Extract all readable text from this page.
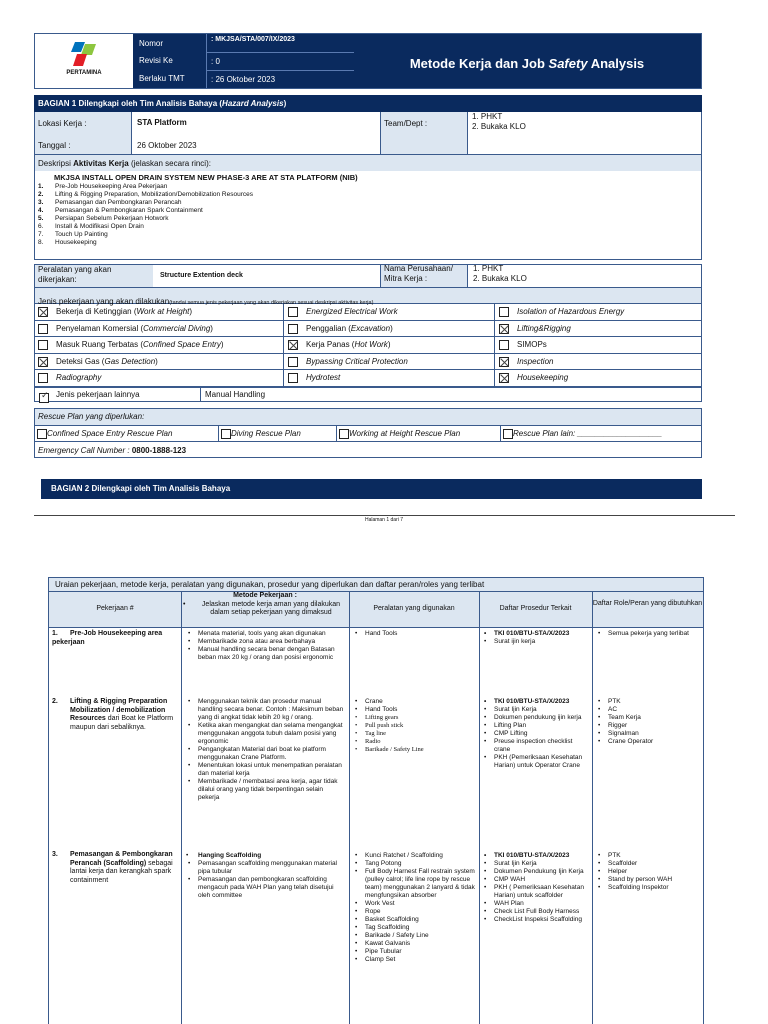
PERTAMINA
Nomor
Revisi Ke
Berlaku TMT
: MKJSA/STA/007/IX/2023
: 0
: 26 Oktober 2023
Metode Kerja dan Job Safety Analysis
BAGIAN 1 Dilengkapi oleh Tim Analisis Bahaya (Hazard Analysis)
Lokasi Kerja :	STA Platform	Team/Dept :
1. PHKT
2. Bukaka KLO
Tanggal :	26 Oktober 2023
Deskripsi Aktivitas Kerja (jelaskan secara rinci):
MKJSA INSTALL OPEN DRAIN SYSTEM NEW PHASE-3 ARE AT STA PLATFORM (NIB)
1. Pre-Job Housekeeping Area Pekerjaan
2. Lifting & Rigging Preparation, Mobilization/Demobilization Resources
3. Pemasangan dan Pembongkaran Perancah
4. Pemasangan & Pembongkaran Spark Containment
5. Persiapan Sebelum Pekerjaan Hotwork
6. Install & Modifikasi Open Drain
7. Touch Up Painting
8. Housekeeping
Peralatan yang akan dikerjakan:	Structure Extention deck
Nama Perusahaan/
Mitra Kerja :
1. PHKT
2. Bukaka KLO
Jenis pekerjaan yang akan dilakukan(tandai semua jenis pekerjaan yang akan dikerjakan sesuai deskripsi aktivitas kerja)
Bekerja di Ketinggian (Work at Height)	Energized Electrical Work	Isolation of Hazardous Energy
Penyelaman Komersial (Commercial Diving)	Penggalian (Excavation)	Lifting&Rigging
Masuk Ruang Terbatas (Confined Space Entry)	Kerja Panas (Hot Work)	SIMOPs
Deteksi Gas (Gas Detection)	Bypassing Critical Protection	Inspection
Radiography	Hydrotest	Housekeeping
✓
Jenis pekerjaan lainnya	Manual Handling
Rescue Plan yang diperlukan:
Confined Space Entry Rescue Plan	Diving Rescue Plan	Working at Height Rescue Plan	Rescue Plan lain: ___________________
Emergency Call Number : 0800-1888-123
BAGIAN 2 Dilengkapi oleh Tim Analisis Bahaya
Halaman 1 dari 7
Uraian pekerjaan, metode kerja, peralatan yang digunakan, prosedur yang diperlukan dan daftar peran/roles yang terlibat
Pekerjaan #
Metode Pekerjaan :
• Jelaskan metode kerja aman yang dilakukan dalam setiap pekerjaan yang dimaksud
Peralatan yang digunakan	Daftar Prosedur Terkait
Daftar Role/Peran yang dibutuhkan
1. Pre-Job Housekeeping area pekerjaan
• Menata material, tools yang akan digunakan
• Membarikade zona atau area berbahaya
• Manual handling secara benar dengan Batasan beban max 20 kg / orang dan posisi ergonomic
• Hand Tools
•	TKI 010/BTU-STA/X/2023
• Surat ijin kerja
• Semua pekerja yang terlibat
2.	Lifting & Rigging Preparation Mobilization / demobilization Resources dari Boat ke Platform maupun dari sebaliknya.
• Menggunakan teknik dan prosedur manual handling secara benar. Contoh : Maksimum beban yang di angkat tidak lebih 20 kg / orang.
• Ketika akan mengangkat dan selama mengangkat menggunakan anggota tubuh dalam posisi yang ergonomic
• Pengangkatan Material dari boat ke platform menggunakan Crane Platform.
• Menentukan lokasi untuk menempatkan peralatan dan material kerja
• Membarikade / membatasi area kerja, agar tidak dilalui orang yang tidak berpentingan selain pekerja
• Crane
• Hand Tools
• Lifting gears
• Pull push stick
• Tag line
• Radio
• Barikade / Safety Line
• TKI 010/BTU-STA/X/2023
• Surat Ijin Kerja
• Dokumen pendukung ijin kerja
• Lifting Plan
• CMP Lifting
• Preuse inspection checklist crane
• PKH (Pemeriksaan Kesehatan Harian) untuk Operator Crane
• PTK
• AC
• Team Kerja
• Rigger
• Signalman
• Crane Operator
3.	Pemasangan & Pembongkaran Perancah (Scaffolding) sebagai lantai kerja dan kerangkah spark containment
Hanging Scaffolding
•
• Pemasangan scaffolding menggunakan material pipa tubular
• Pemasangan dan pembongkaran scaffolding mengacuh pada WAH Plan yang telah disetujui oleh committee
• Kunci Ratchet / Scaffolding
• Tang Potong
• Full Body Harnest Fall restrain system (pulley calrol; life line rope by rescue team) menggunakan 2 lanyard & tidak mengfungsikan absorber
• Work Vest
• Rope
• Basket Scaffolding
• Tag Scaffolding
• Barikade / Safety Line
• Kawat Galvanis
• Pipe Tubular
• Clamp Set
• TKI 010/BTU-STA/X/2023
• Surat Ijin Kerja
• Dokumen Pendukung Ijin Kerja
• CMP WAH
• PKH ( Pemeriksaan Kesehatan Harian) untuk scaffolder
• WAH Plan
• Check List Full Body Harness
• CheckList Inspeksi Scaffolding
• PTK
• Scaffolder
• Helper
• Stand by person WAH
• Scaffolding Inspektor
